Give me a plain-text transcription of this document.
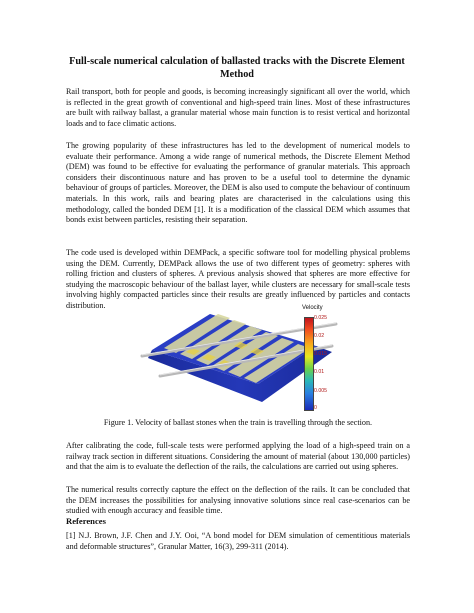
Full-scale numerical calculation of ballasted tracks with the Discrete Element Method

Rail transport, both for people and goods, is becoming increasingly significant all over the world, which is reflected in the great growth of conventional and high-speed train lines. Most of these infrastructures are built with railway ballast, a granular material whose main function is to resist vertical and horizontal loads and to face climatic actions.

The growing popularity of these infrastructures has led to the development of numerical models to evaluate their performance. Among a wide range of numerical methods, the Discrete Element Method (DEM) was found to be effective for evaluating the performance of granular materials. This approach considers their discontinuous nature and has proven to be a useful tool to determine the dynamic behaviour of groups of particles. Moreover, the DEM is also used to compute the behaviour of continuum materials. In this work, rails and bearing plates are characterised in the calculations using this methodology, called the bonded DEM [1]. It is a modification of the classical DEM which assumes that bonds exist between particles, resisting their separation.

The code used is developed within DEMPack, a specific software tool for modelling physical problems using the DEM. Currently, DEMPack allows the use of two different types of geometry: spheres with rolling friction and clusters of spheres. A previous analysis showed that spheres are more effective for studying the macroscopic behaviour of the ballast layer, while clusters are necessary for small-scale tests involving highly compacted particles since their results are greatly influenced by particles and contacts distribution.	Velocity
0.025
0.02
0.015
0.01
0.005
0
Figure 1. Velocity of ballast stones when the train is travelling through the section.

After calibrating the code, full-scale tests were performed applying the load of a high-speed train on a railway track section in different situations. Considering the amount of material (about 130,000 particles) and that the aim is to evaluate the deflection of the rails, the calculations are carried out using spheres.

The numerical results correctly capture the effect on the deflection of the rails. It can be concluded that the DEM increases the possibilities for analysing innovative solutions since real case-scenarios can be studied with enough accuracy and feasible time.

References

[1] N.J. Brown, J.F. Chen and J.Y. Ooi, “A bond model for DEM simulation of cementitious materials and deformable structures”, Granular Matter, 16(3), 299-311 (2014).
